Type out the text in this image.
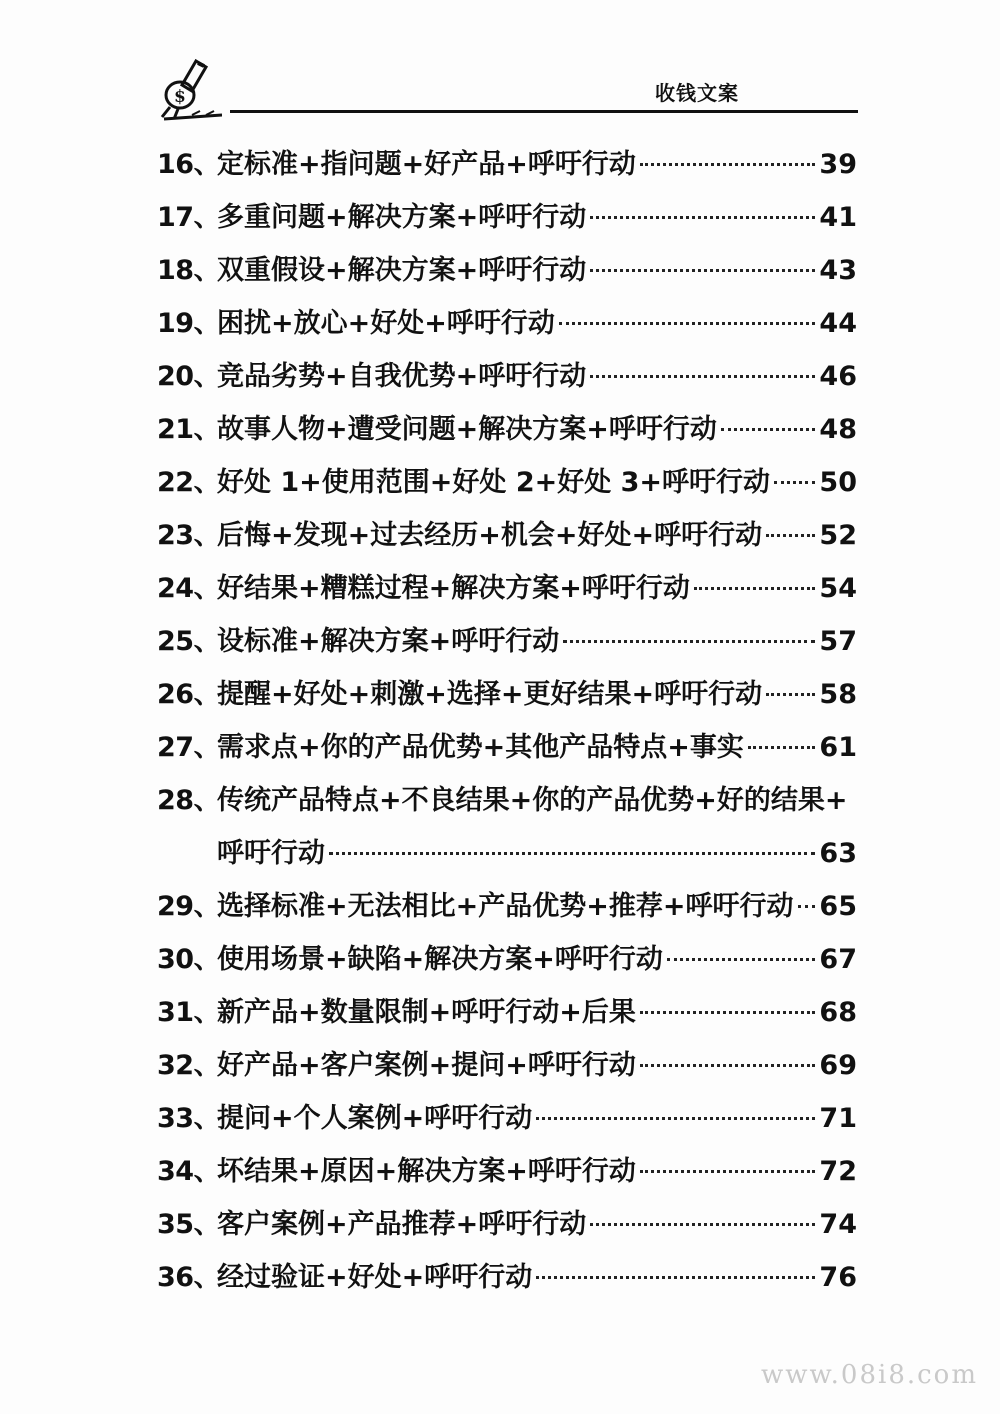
$	收钱文案
16、
定标准+指问题+好产品+呼吁行动	39
17、
多重问题+解决方案+呼吁行动	41
18、
双重假设+解决方案+呼吁行动	43
19、
困扰+放心+好处+呼吁行动	44
20、
竞品劣势+自我优势+呼吁行动	46
21、
故事人物+遭受问题+解决方案+呼吁行动	48
22、
好处 1+使用范围+好处 2+好处 3+呼吁行动 50
23、
后悔+发现+过去经历+机会+好处+呼吁行动 52
24、
好结果+糟糕过程+解决方案+呼吁行动	54
25、
设标准+解决方案+呼吁行动	57
26、
提醒+好处+刺激+选择+更好结果+呼吁行动 58
27、
需求点+你的产品优势+其他产品特点+事实	61
28、
传统产品特点+不良结果+你的产品优势+好的结果+
呼吁行动	63
29、
选择标准+无法相比+产品优势+推荐+呼吁行动 65
30、
使用场景+缺陷+解决方案+呼吁行动	67
31、
新产品+数量限制+呼吁行动+后果	68
32、
好产品+客户案例+提问+呼吁行动	69
33、
提问+个人案例+呼吁行动	71
34、
坏结果+原因+解决方案+呼吁行动	72
35、
客户案例+产品推荐+呼吁行动	74
36、
经过验证+好处+呼吁行动	76
www.08i8.com
